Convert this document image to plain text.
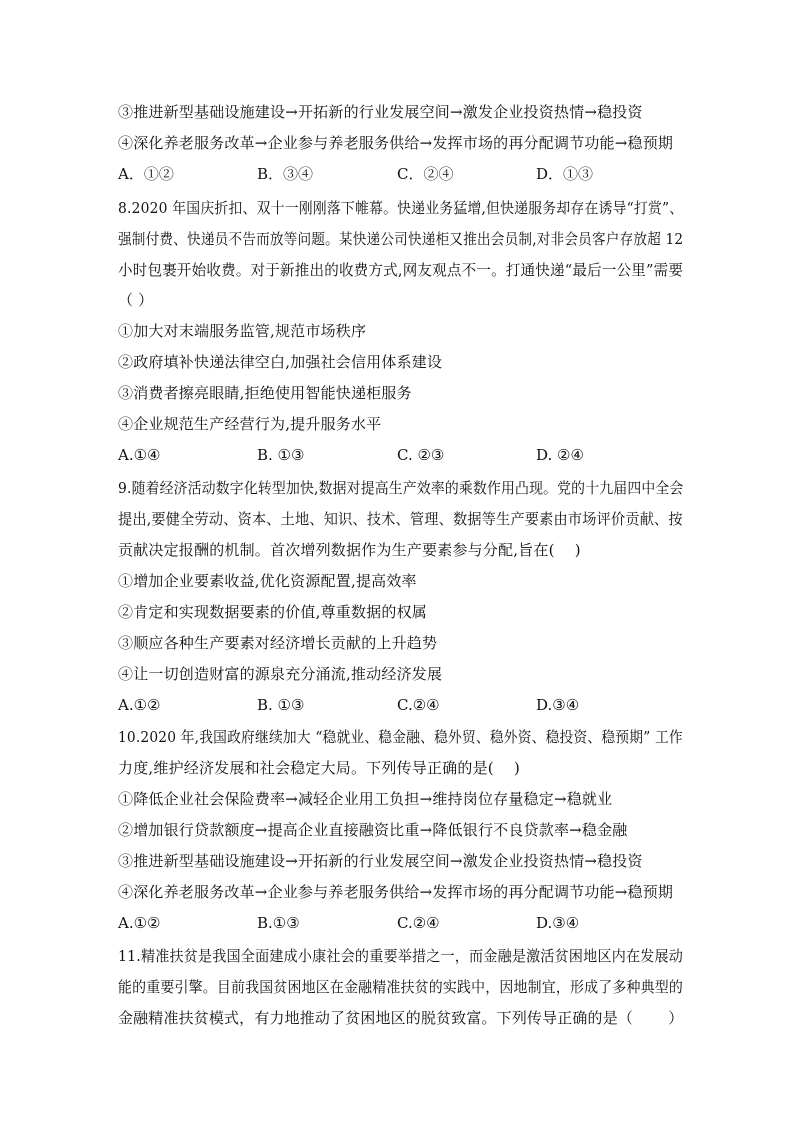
③推进新型基础设施建设→开拓新的行业发展空间→激发企业投资热情→稳投资
④深化养老服务改革→企业参与养老服务供给→发挥市场的再分配调节功能→稳预期
A．①②	B．③④	C．②④	D．①③
8.2020 年国庆折扣、双十一刚刚落下帷幕。快递业务猛增,但快递服务却存在诱导“打赏”、
强制付费、快递员不告而放等问题。某快递公司快递柜又推出会员制,对非会员客户存放超 12
小时包裹开始收费。对于新推出的收费方式,网友观点不一。打通快递“最后一公里”需要
（ ）
①加大对末端服务监管,规范市场秩序
②政府填补快递法律空白,加强社会信用体系建设
③消费者擦亮眼睛,拒绝使用智能快递柜服务
④企业规范生产经营行为,提升服务水平
A.①④	B. ①③	C. ②③	D. ②④
9.随着经济活动数字化转型加快,数据对提高生产效率的乘数作用凸现。党的十九届四中全会
提出,要健全劳动、资本、土地、知识、技术、管理、数据等生产要素由市场评价贡献、按
贡献决定报酬的机制。首次增列数据作为生产要素参与分配,旨在(　 )
①增加企业要素收益,优化资源配置,提高效率
②肯定和实现数据要素的价值,尊重数据的权属
③顺应各种生产要素对经济增长贡献的上升趋势
④让一切创造财富的源泉充分涌流,推动经济发展
A.①②	B. ①③	C.②④	D.③④
10.2020 年,我国政府继续加大 “稳就业、稳金融、稳外贸、稳外资、稳投资、稳预期” 工作
力度,维护经济发展和社会稳定大局。下列传导正确的是(　 )
①降低企业社会保险费率→减轻企业用工负担→维持岗位存量稳定→稳就业
②增加银行贷款额度→提高企业直接融资比重→降低银行不良贷款率→稳金融
③推进新型基础设施建设→开拓新的行业发展空间→激发企业投资热情→稳投资
④深化养老服务改革→企业参与养老服务供给→发挥市场的再分配调节功能→稳预期
A.①②	B.①③	C.②④	D.③④
11.精准扶贫是我国全面建成小康社会的重要举措之一，而金融是激活贫困地区内在发展动
能的重要引擎。目前我国贫困地区在金融精准扶贫的实践中，因地制宜，形成了多种典型的
金融精准扶贫模式，有力地推动了贫困地区的脱贫致富。下列传导正确的是（　　 ）
